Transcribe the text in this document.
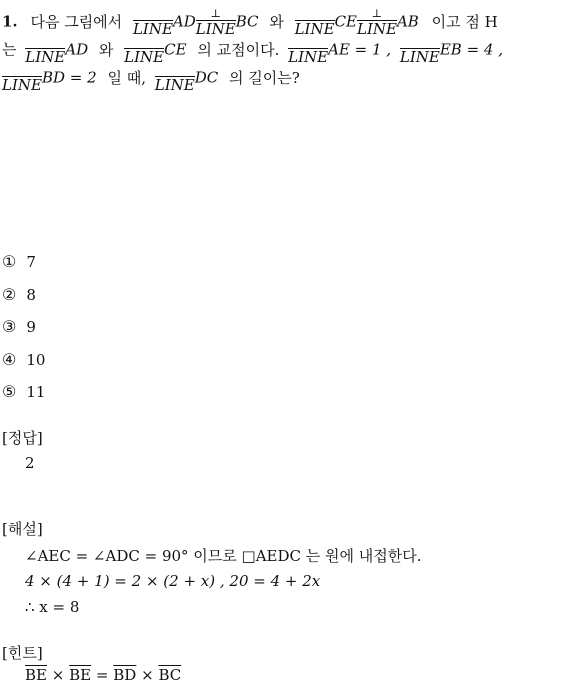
1. 다음 그림에서 LINE AD $\frac{\perp}{\text{LINE}}$ BC 와 LINE CE $\frac{\perp}{\text{LINE}}$ AB 이고 점 H
는 LINE AD 와 LINE CE 의 교점이다. LINE AE = 1 , LINE EB = 4 ,
LINE BD = 2 일 때, LINE DC 의 길이는?
① 7
② 8
③ 9
④ 10
⑤ 11
[정답]
2
[해설]
∠AEC = ∠ADC = 90° 이므로 □AEDC 는 원에 내접한다.
4 × (4 + 1) = 2 × (2 + x) , 20 = 4 + 2x
∴ x = 8
[힌트]
$\overline{BE} \times \overline{BE} = \overline{BD} \times \overline{BC}$
